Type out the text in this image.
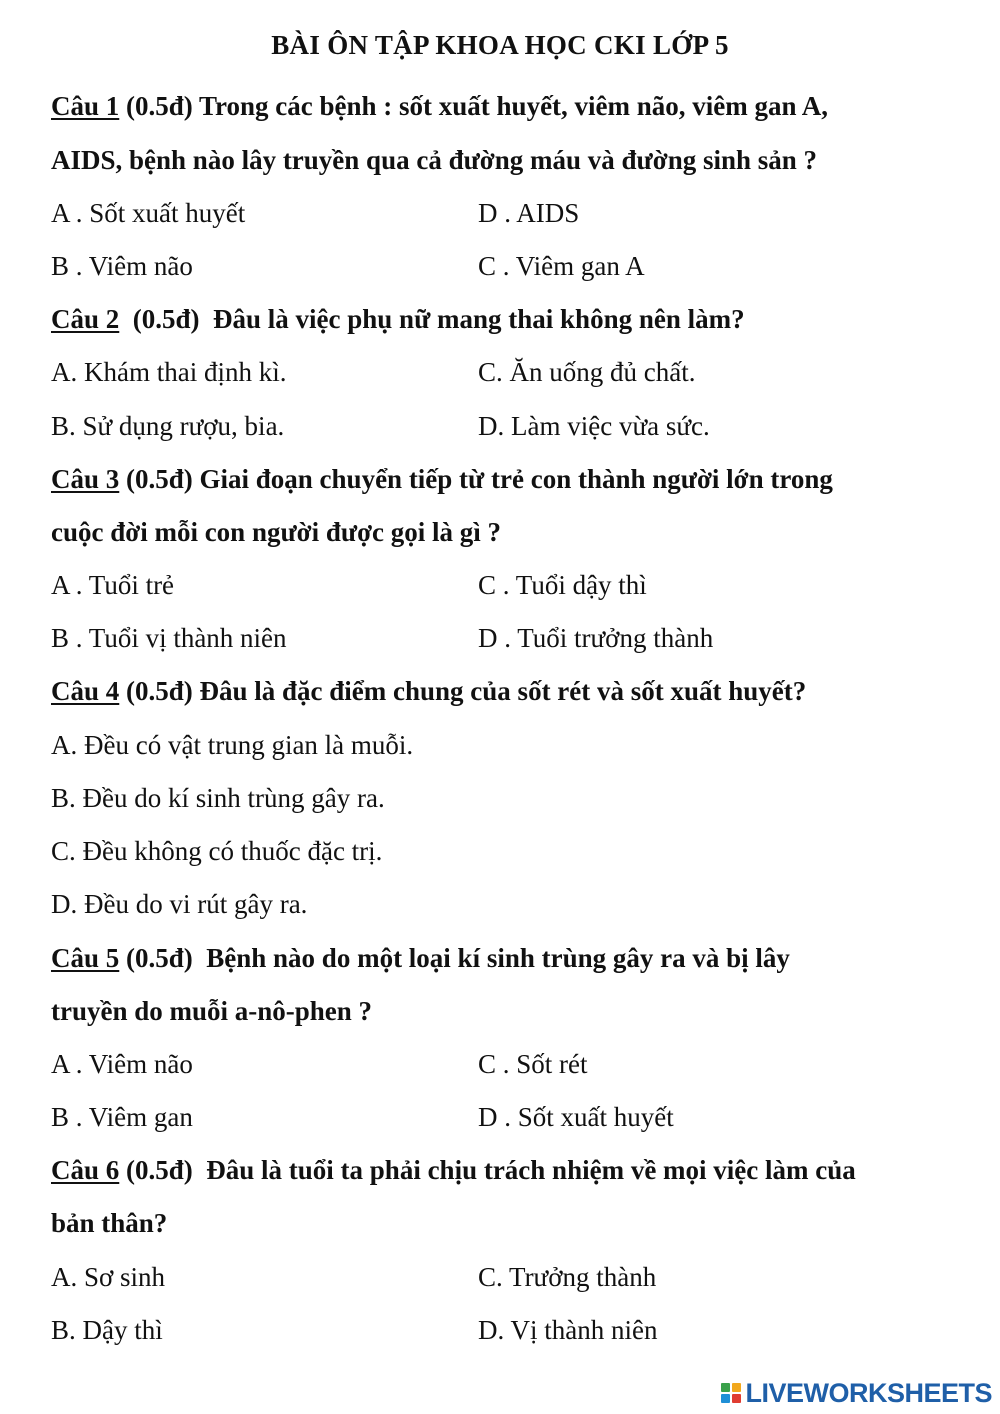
BÀI ÔN TẬP KHOA HỌC CKI LỚP 5
Câu 1 (0.5đ) Trong các bệnh : sốt xuất huyết, viêm não, viêm gan A,
AIDS, bệnh nào lây truyền qua cả đường máu và đường sinh sản ?
A . Sốt xuất huyết	D . AIDS
B . Viêm não	C . Viêm gan A
Câu 2 (0.5đ) Đâu là việc phụ nữ mang thai không nên làm?
A. Khám thai định kì.	C. Ăn uống đủ chất.
B. Sử dụng rượu, bia.	D. Làm việc vừa sức.
Câu 3 (0.5đ) Giai đoạn chuyển tiếp từ trẻ con thành người lớn trong
cuộc đời mỗi con người được gọi là gì ?
A . Tuổi trẻ	C . Tuổi dậy thì
B . Tuổi vị thành niên	D . Tuổi trưởng thành
Câu 4 (0.5đ) Đâu là đặc điểm chung của sốt rét và sốt xuất huyết?
A. Đều có vật trung gian là muỗi.
B. Đều do kí sinh trùng gây ra.
C. Đều không có thuốc đặc trị.
D. Đều do vi rút gây ra.
Câu 5 (0.5đ) Bệnh nào do một loại kí sinh trùng gây ra và bị lây
truyền do muỗi a-nô-phen ?
A . Viêm não	C . Sốt rét
B . Viêm gan	D . Sốt xuất huyết
Câu 6 (0.5đ) Đâu là tuổi ta phải chịu trách nhiệm về mọi việc làm của
bản thân?
A. Sơ sinh	C. Trưởng thành
B. Dậy thì	D. Vị thành niên
LIVEWORKSHEETS
